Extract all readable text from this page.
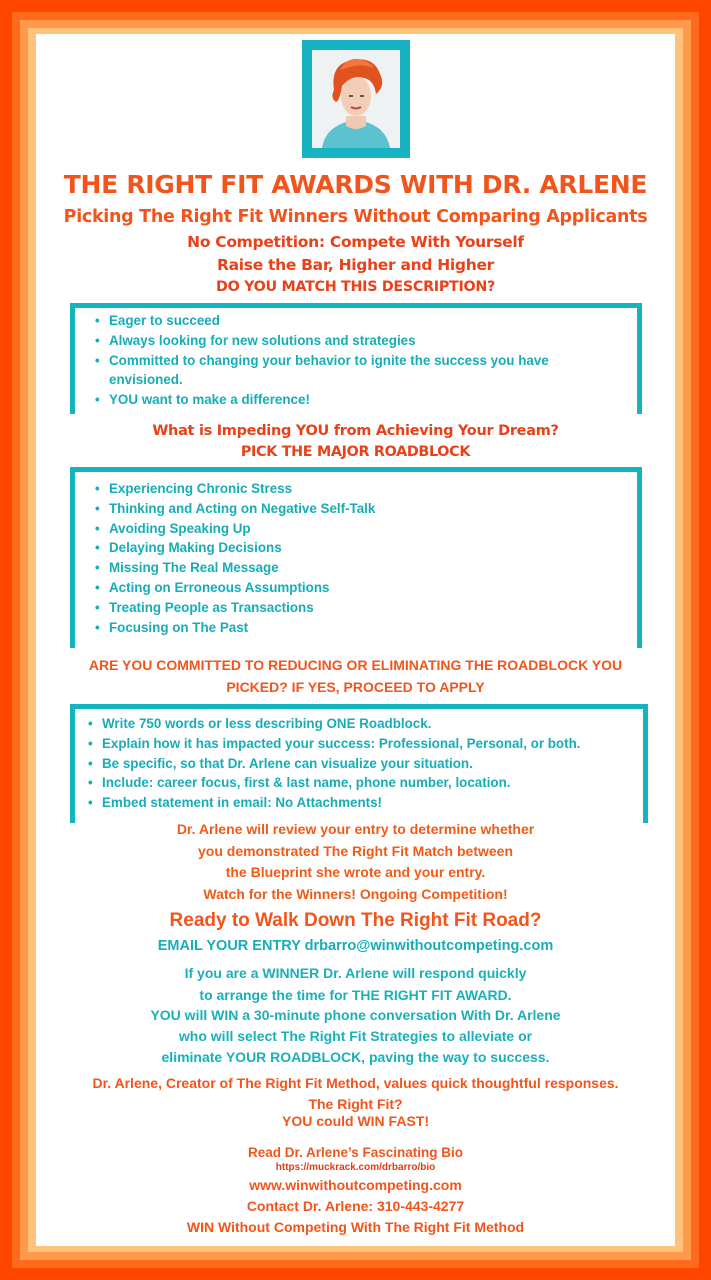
THE RIGHT FIT AWARDS WITH DR. ARLENE
Picking The Right Fit Winners Without Comparing Applicants
No Competition: Compete With Yourself
Raise the Bar, Higher and Higher
DO YOU MATCH THIS DESCRIPTION?
• Eager to succeed
• Always looking for new solutions and strategies
• Committed to changing your behavior to ignite the success you have
envisioned.
• YOU want to make a difference!
What is Impeding YOU from Achieving Your Dream?
PICK THE MAJOR ROADBLOCK
• Experiencing Chronic Stress
• Thinking and Acting on Negative Self-Talk
• Avoiding Speaking Up
• Delaying Making Decisions
• Missing The Real Message
• Acting on Erroneous Assumptions
• Treating People as Transactions
• Focusing on The Past
ARE YOU COMMITTED TO REDUCING OR ELIMINATING THE ROADBLOCK YOU
PICKED? IF YES, PROCEED TO APPLY
• Write 750 words or less describing ONE Roadblock.
• Explain how it has impacted your success: Professional, Personal, or both.
• Be specific, so that Dr. Arlene can visualize your situation.
• Include: career focus, first & last name, phone number, location.
• Embed statement in email: No Attachments!
Dr. Arlene will review your entry to determine whether
you demonstrated The Right Fit Match between
the Blueprint she wrote and your entry.
Watch for the Winners! Ongoing Competition!
Ready to Walk Down The Right Fit Road?
EMAIL YOUR ENTRY drbarro@winwithoutcompeting.com
If you are a WINNER Dr. Arlene will respond quickly
to arrange the time for THE RIGHT FIT AWARD.
YOU will WIN a 30-minute phone conversation With Dr. Arlene
who will select The Right Fit Strategies to alleviate or
eliminate YOUR ROADBLOCK, paving the way to success.
Dr. Arlene, Creator of The Right Fit Method, values quick thoughtful responses.
The Right Fit?
YOU could WIN FAST!
Read Dr. Arlene’s Fascinating Bio
https://muckrack.com/drbarro/bio
www.winwithoutcompeting.com
Contact Dr. Arlene: 310-443-4277
WIN Without Competing With The Right Fit Method
